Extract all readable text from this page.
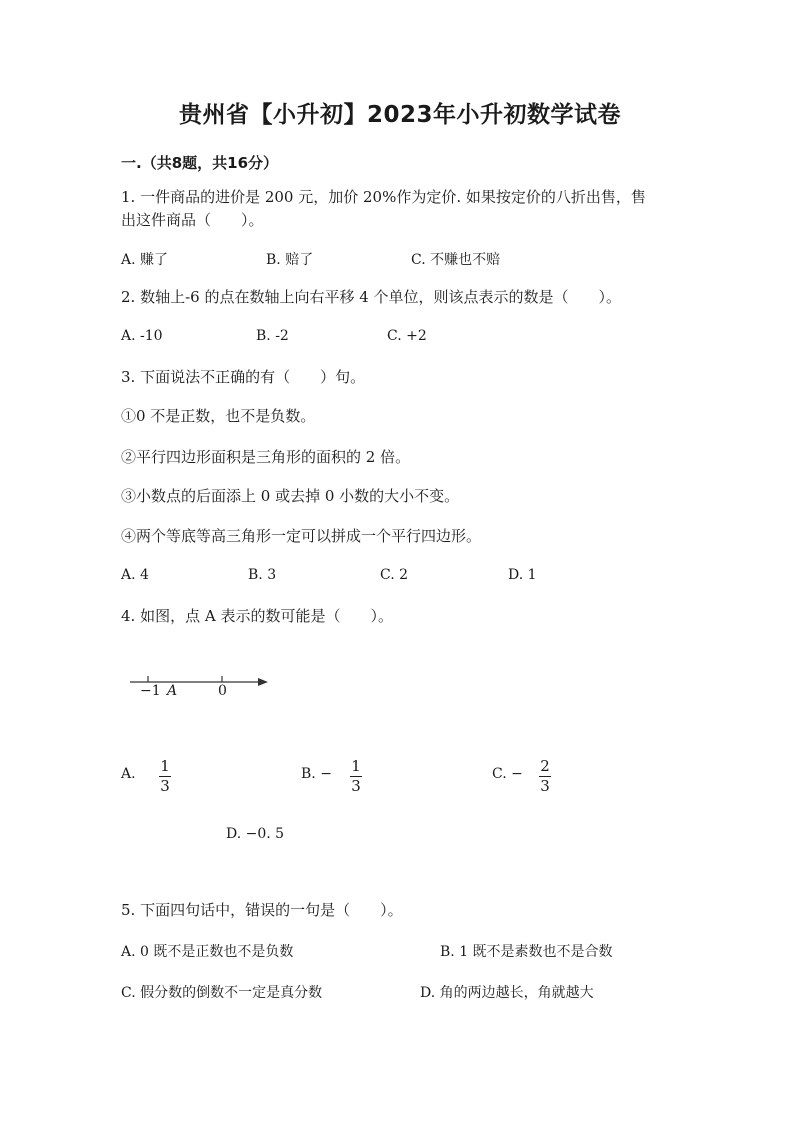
贵州省【小升初】2023年小升初数学试卷
一.（共8题，共16分）
1. 一件商品的进价是 200 元，加价 20%作为定价. 如果按定价的八折出售，售
出这件商品（　　）。
A. 赚了	B. 赔了	C. 不赚也不赔
2. 数轴上-6 的点在数轴上向右平移 4 个单位，则该点表示的数是（　　）。
A. -10	B. -2	C. +2
3. 下面说法不正确的有（　　）句。
①0 不是正数，也不是负数。
②平行四边形面积是三角形的面积的 2 倍。
③小数点的后面添上 0 或去掉 0 小数的大小不变。
④两个等底等高三角形一定可以拼成一个平行四边形。
A. 4	B. 3	C. 2	D. 1
4. 如图，点 A 表示的数可能是（　　）。
−1 A	0
A. 1
3
B. − 1
3
C. − 2
3
D. −0. 5
5. 下面四句话中，错误的一句是（　　）。
A. 0 既不是正数也不是负数	B. 1 既不是素数也不是合数
C. 假分数的倒数不一定是真分数	D. 角的两边越长，角就越大
